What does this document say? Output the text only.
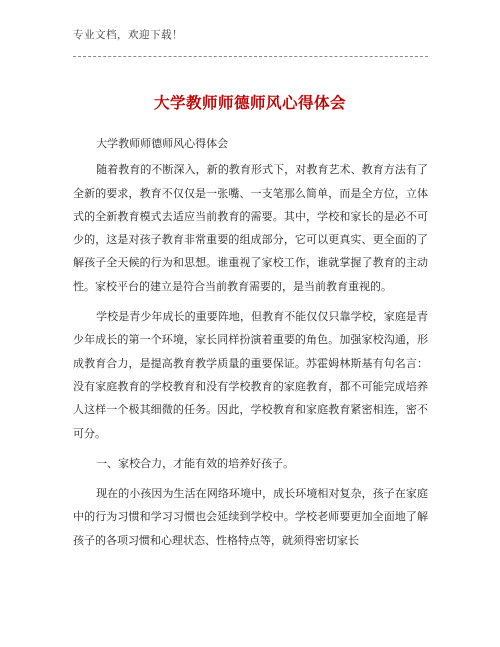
专业文档，欢迎下载！
大学教师师德师风心得体会

大学教师师德师风心得体会

随着教育的不断深入，新的教育形式下，对教育艺术、教育方法有了全新的要求，教育不仅仅是一张嘴、一支笔那么简单，而是全方位，立体式的全新教育模式去适应当前教育的需要。其中，学校和家长的是必不可少的，这是对孩子教育非常重要的组成部分，它可以更真实、更全面的了解孩子全天候的行为和思想。谁重视了家校工作，谁就掌握了教育的主动性。家校平台的建立是符合当前教育需要的，是当前教育重视的。

学校是青少年成长的重要阵地，但教育不能仅仅只靠学校，家庭是青少年成长的第一个环境，家长同样扮演着重要的角色。加强家校沟通，形成教育合力，是提高教育教学质量的重要保证。苏霍姆林斯基有句名言：没有家庭教育的学校教育和没有学校教育的家庭教育，都不可能完成培养人这样一个极其细微的任务。因此，学校教育和家庭教育紧密相连，密不可分。

一、家校合力，才能有效的培养好孩子。

现在的小孩因为生活在网络环境中，成长环境相对复杂，孩子在家庭中的行为习惯和学习习惯也会延续到学校中。学校老师要更加全面地了解孩子的各项习惯和心理状态、性格特点等，就须得密切家长
